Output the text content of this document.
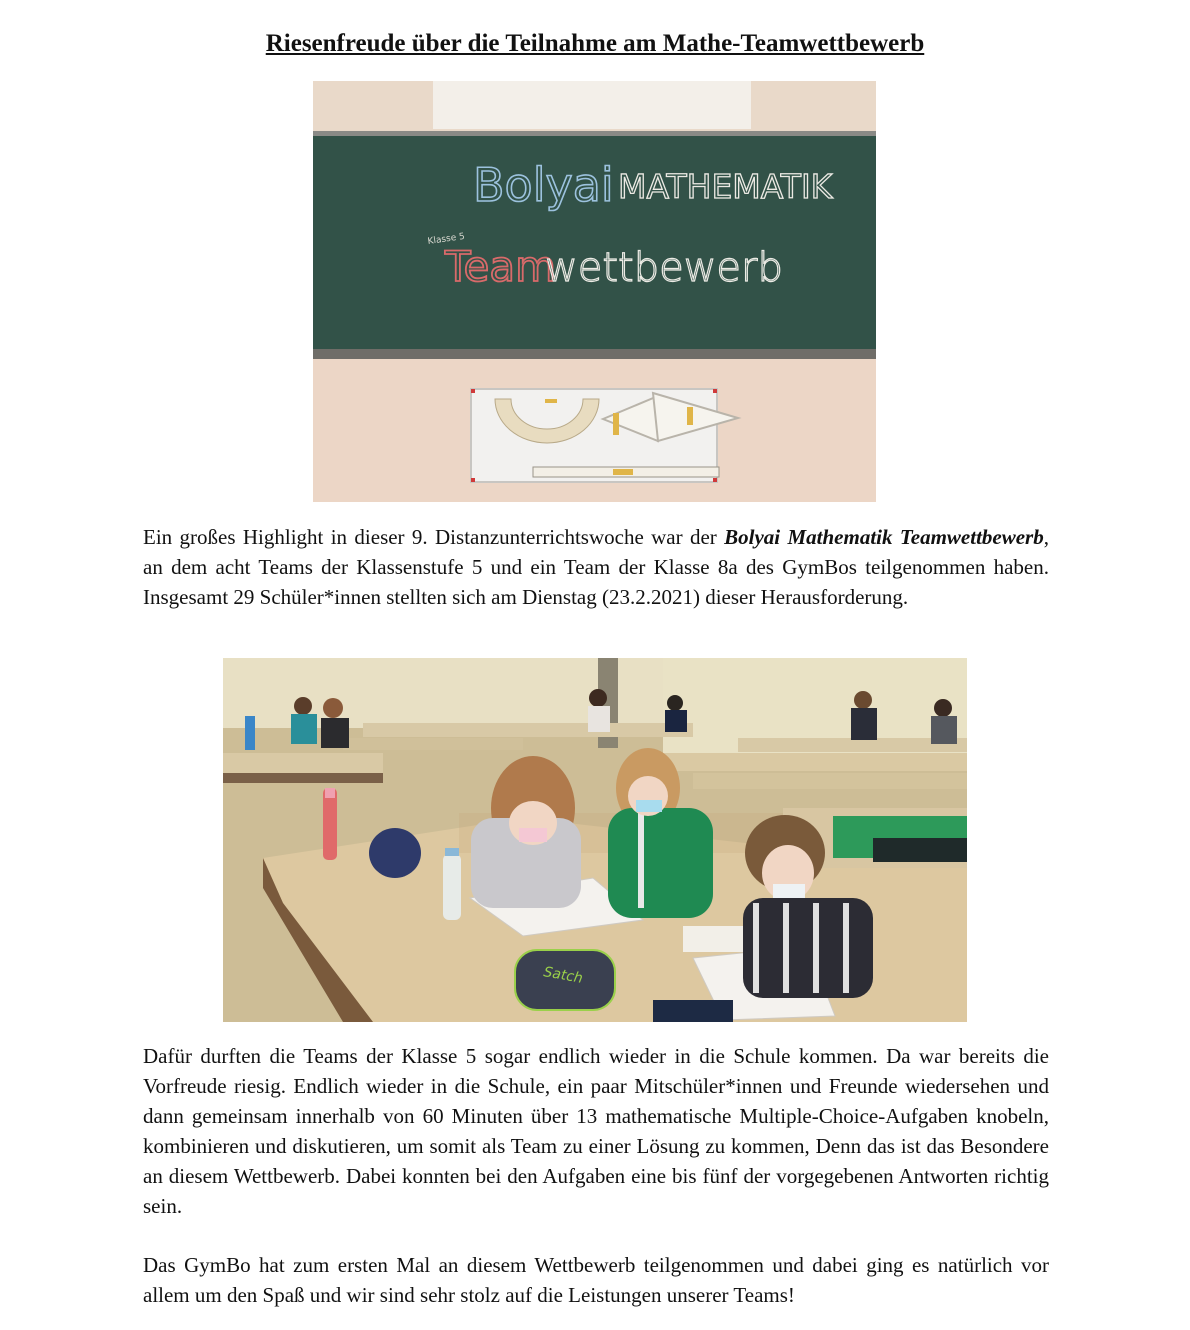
Riesenfreude über die Teilnahme am Mathe-Teamwettbewerb
Bolyai MATHEMATIK
Klasse 5
Team
wettbewerb

Ein großes Highlight in dieser 9. Distanzunterrichtswoche war der Bolyai Mathematik Teamwettbewerb, an dem acht Teams der Klassenstufe 5 und ein Team der Klasse 8a des GymBos teilgenommen haben. Insgesamt 29 Schüler*innen stellten sich am Dienstag (23.2.2021) dieser Herausforderung.

Satch

Dafür durften die Teams der Klasse 5 sogar endlich wieder in die Schule kommen. Da war bereits die Vorfreude riesig. Endlich wieder in die Schule, ein paar Mitschüler*innen und Freunde wiedersehen und dann gemeinsam innerhalb von 60 Minuten über 13 mathematische Multiple-Choice-Aufgaben knobeln, kombinieren und diskutieren, um somit als Team zu einer Lösung zu kommen, Denn das ist das Besondere an diesem Wettbewerb. Dabei konnten bei den Aufgaben eine bis fünf der vorgegebenen Antworten richtig sein.

Das GymBo hat zum ersten Mal an diesem Wettbewerb teilgenommen und dabei ging es natürlich vor allem um den Spaß und wir sind sehr stolz auf die Leistungen unserer Teams!
